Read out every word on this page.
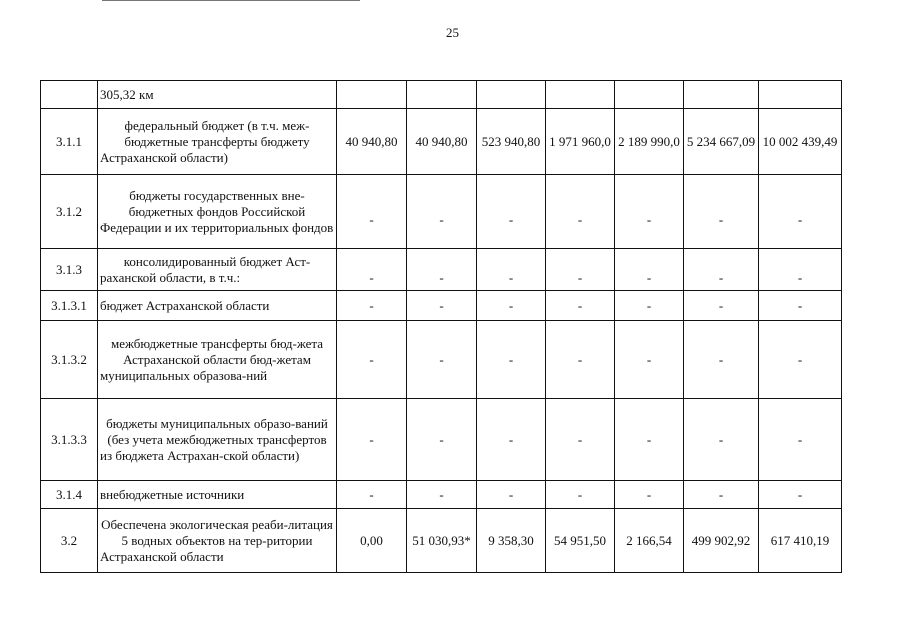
25
	305,32 км							
3.1.1	федеральный бюджет (в т.ч. меж-бюджетные трансферты бюджету Астраханской области)	40 940,80	40 940,80	523 940,80	1 971 960,0	2 189 990,0	5 234 667,09	10 002 439,49
3.1.2	бюджеты государственных вне-бюджетных фондов Российской Федерации и их территориальных фондов	-	-	-	-	-	-	-
3.1.3	консолидированный бюджет Аст-раханской области, в т.ч.:	-	-	-	-	-	-	-
3.1.3.1	бюджет Астраханской области	-	-	-	-	-	-	-
3.1.3.2	межбюджетные трансферты бюд-жета Астраханской области бюд-жетам муниципальных образова-ний	-	-	-	-	-	-	-
3.1.3.3	бюджеты муниципальных образо-ваний (без учета межбюджетных трансфертов из бюджета Астрахан-ской области)	-	-	-	-	-	-	-
3.1.4	внебюджетные источники	-	-	-	-	-	-	-
3.2	Обеспечена экологическая реаби-литация 5 водных объектов на тер-ритории Астраханской области	0,00	51 030,93*	9 358,30	54 951,50	2 166,54	499 902,92	617 410,19
